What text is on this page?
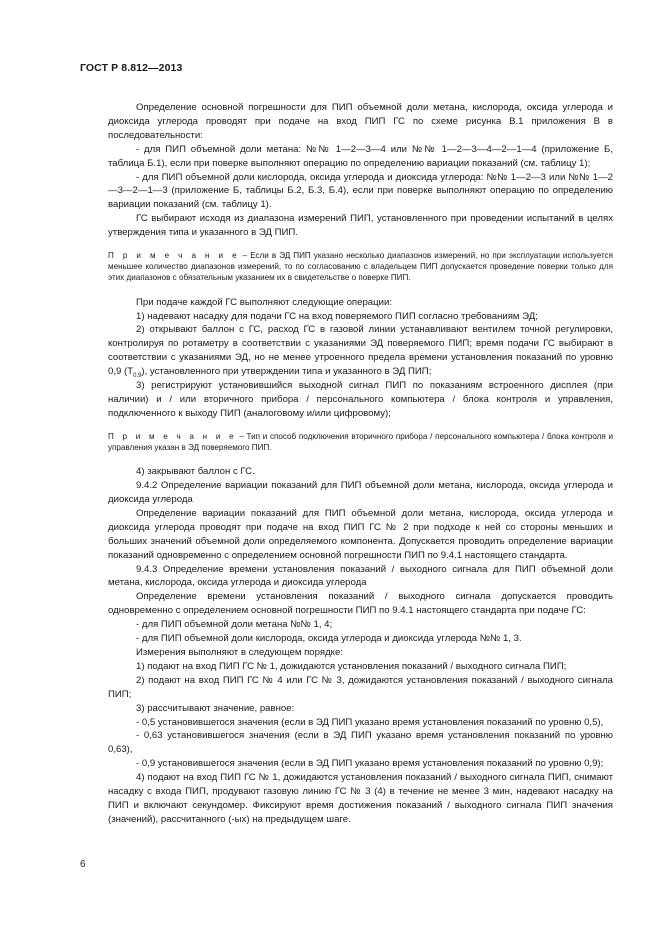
ГОСТ Р 8.812—2013

Определение основной погрешности для ПИП объемной доли метана, кислорода, оксида углерода и диоксида углерода проводят при подаче на вход ПИП ГС по схеме рисунка В.1 приложения В в последовательности:

- для ПИП объемной доли метана: №№ 1—2—3—4 или №№ 1—2—3—4—2—1—4 (приложение Б, таблица Б.1), если при поверке выполняют операцию по определению вариации показаний (см. таблицу 1);

- для ПИП объемной доли кислорода, оксида углерода и диоксида углерода: №№ 1—2—3 или №№ 1—2—3—2—1—3 (приложение Б, таблицы Б.2, Б.3, Б.4), если при поверке выполняют операцию по определению вариации показаний (см. таблицу 1).

ГС выбирают исходя из диапазона измерений ПИП, установленного при проведении испытаний в целях утверждения типа и указанного в ЭД ПИП.

П р и м е ч а н и е – Если в ЭД ПИП указано несколько диапазонов измерений, но при эксплуатации используется меньшее количество диапазонов измерений, то по согласованию с владельцем ПИП допускается проведение поверки только для этих диапазонов с обязательным указанием их в свидетельстве о поверке ПИП.

При подаче каждой ГС выполняют следующие операции:

1) надевают насадку для подачи ГС на вход поверяемого ПИП согласно требованиям ЭД;

2) открывают баллон с ГС, расход ГС в газовой линии устанавливают вентилем точной регулировки, контролируя по ротаметру в соответствии с указаниями ЭД поверяемого ПИП; время подачи ГС выбирают в соответствии с указаниями ЭД, но не менее утроенного предела времени установления показаний по уровню 0,9 $(Т_{0,9})$, установленного при утверждении типа и указанного в ЭД ПИП;

3) регистрируют установившийся выходной сигнал ПИП по показаниям встроенного дисплея (при наличии) и / или вторичного прибора / персонального компьютера / блока контроля и управления, подключенного к выходу ПИП (аналоговому и/или цифровому);

П р и м е ч а н и е – Тип и способ подключения вторичного прибора / персонального компьютера / блока контроля и управления указан в ЭД поверяемого ПИП.

4) закрывают баллон с ГС.

9.4.2 Определение вариации показаний для ПИП объемной доли метана, кислорода, оксида углерода и диоксида углерода

Определение вариации показаний для ПИП объемной доли метана, кислорода, оксида углерода и диоксида углерода проводят при подаче на вход ПИП ГС № 2 при подходе к ней со стороны меньших и больших значений объемной доли определяемого компонента. Допускается проводить определение вариации показаний одновременно с определением основной погрешности ПИП по 9.4.1 настоящего стандарта.

9.4.3 Определение времени установления показаний / выходного сигнала для ПИП объемной доли метана, кислорода, оксида углерода и диоксида углерода

Определение времени установления показаний / выходного сигнала допускается проводить одновременно с определением основной погрешности ПИП по 9.4.1 настоящего стандарта при подаче ГС:

- для ПИП объемной доли метана №№ 1, 4;

- для ПИП объемной доли кислорода, оксида углерода и диоксида углерода №№ 1, 3.

Измерения выполняют в следующем порядке:

1) подают на вход ПИП ГС № 1, дожидаются установления показаний / выходного сигнала ПИП;

2) подают на вход ПИП ГС № 4 или ГС № 3, дожидаются установления показаний / выходного сигнала ПИП;

3) рассчитывают значение, равное:

- 0,5 установившегося значения (если в ЭД ПИП указано время установления показаний по уровню 0,5),

- 0,63 установившегося значения (если в ЭД ПИП указано время установления показаний по уровню 0,63),

- 0,9 установившегося значения (если в ЭД ПИП указано время установления показаний по уровню 0,9);

4) подают на вход ПИП ГС № 1, дожидаются установления показаний / выходного сигнала ПИП, снимают насадку с входа ПИП, продувают газовую линию ГС № 3 (4) в течение не менее 3 мин, надевают насадку на ПИП и включают секундомер. Фиксируют время достижения показаний / выходного сигнала ПИП значения (значений), рассчитанного (-ых) на предыдущем шаге.

6
